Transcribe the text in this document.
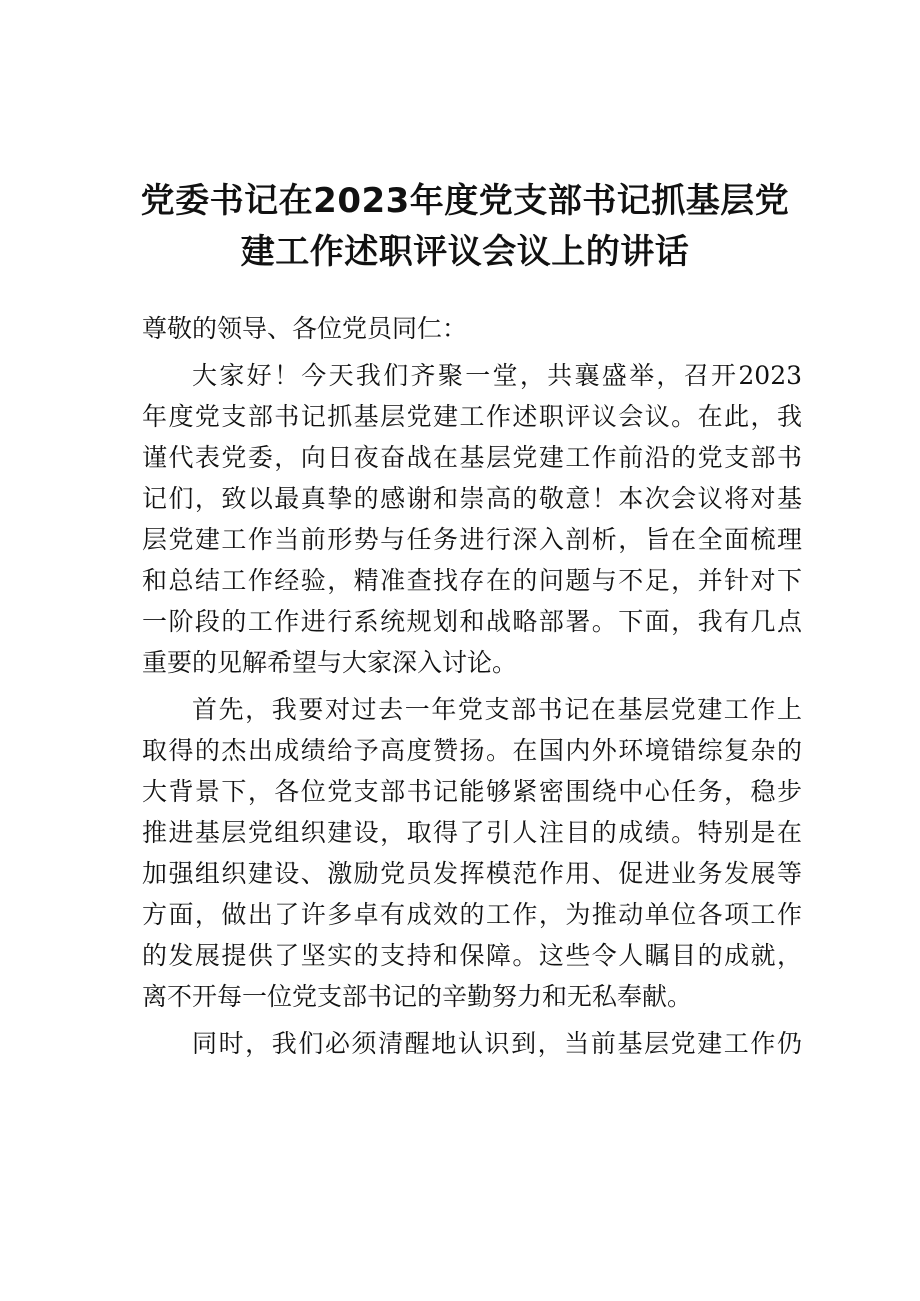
党委书记在2023年度党支部书记抓基层党
建工作述职评议会议上的讲话

尊敬的领导、各位党员同仁：

大家好！今天我们齐聚一堂，共襄盛举，召开2023
年度党支部书记抓基层党建工作述职评议会议。在此，我
谨代表党委，向日夜奋战在基层党建工作前沿的党支部书
记们，致以最真挚的感谢和崇高的敬意！本次会议将对基
层党建工作当前形势与任务进行深入剖析，旨在全面梳理
和总结工作经验，精准查找存在的问题与不足，并针对下
一阶段的工作进行系统规划和战略部署。下面，我有几点
重要的见解希望与大家深入讨论。
首先，我要对过去一年党支部书记在基层党建工作上
取得的杰出成绩给予高度赞扬。在国内外环境错综复杂的
大背景下，各位党支部书记能够紧密围绕中心任务，稳步
推进基层党组织建设，取得了引人注目的成绩。特别是在
加强组织建设、激励党员发挥模范作用、促进业务发展等
方面，做出了许多卓有成效的工作，为推动单位各项工作
的发展提供了坚实的支持和保障。这些令人瞩目的成就，
离不开每一位党支部书记的辛勤努力和无私奉献。
同时，我们必须清醒地认识到，当前基层党建工作仍
